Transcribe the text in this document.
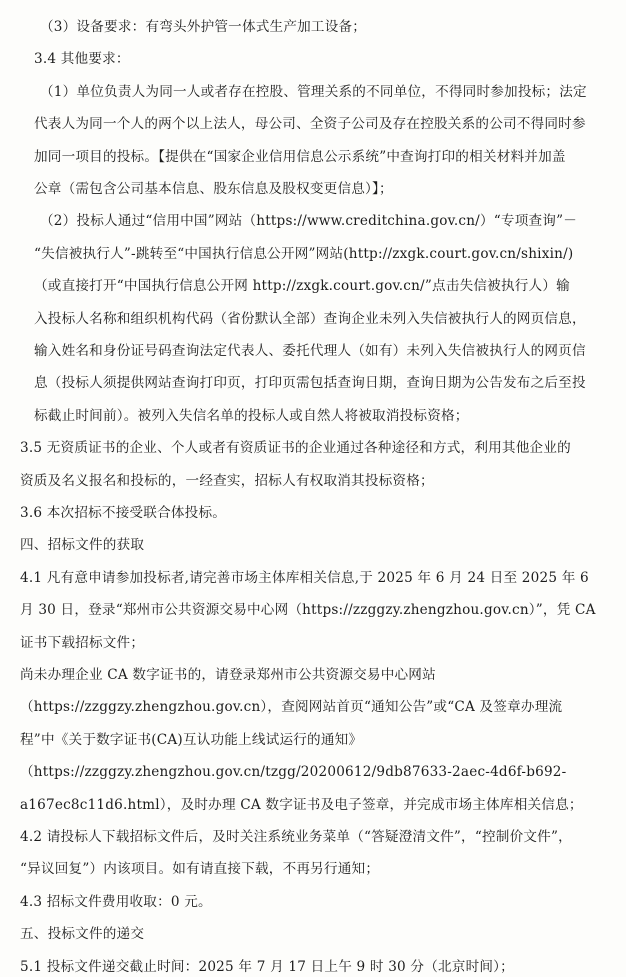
（3）设备要求：有弯头外护管一体式生产加工设备；
3.4 其他要求：
（1）单位负责人为同一人或者存在控股、管理关系的不同单位，不得同时参加投标；法定
代表人为同一个人的两个以上法人，母公司、全资子公司及存在控股关系的公司不得同时参
加同一项目的投标。【提供在“国家企业信用信息公示系统”中查询打印的相关材料并加盖
公章（需包含公司基本信息、股东信息及股权变更信息）】；
（2）投标人通过“信用中国”网站（https://www.creditchina.gov.cn/）“专项查询”－
“失信被执行人”-跳转至“中国执行信息公开网”网站(http://zxgk.court.gov.cn/shixin/)
（或直接打开“中国执行信息公开网 http://zxgk.court.gov.cn/”点击失信被执行人）输
入投标人名称和组织机构代码（省份默认全部）查询企业未列入失信被执行人的网页信息，
输入姓名和身份证号码查询法定代表人、委托代理人（如有）未列入失信被执行人的网页信
息（投标人须提供网站查询打印页，打印页需包括查询日期，查询日期为公告发布之后至投
标截止时间前）。被列入失信名单的投标人或自然人将被取消投标资格；
3.5 无资质证书的企业、个人或者有资质证书的企业通过各种途径和方式，利用其他企业的
资质及名义报名和投标的，一经查实，招标人有权取消其投标资格；
3.6 本次招标不接受联合体投标。
四、招标文件的获取
4.1 凡有意申请参加投标者,请完善市场主体库相关信息,于 2025 年 6 月 24 日至 2025 年 6
月 30 日，登录“郑州市公共资源交易中心网（https://zzggzy.zhengzhou.gov.cn）”，凭 CA
证书下载招标文件；
尚未办理企业 CA 数字证书的，请登录郑州市公共资源交易中心网站
（https://zzggzy.zhengzhou.gov.cn），查阅网站首页“通知公告”或“CA 及签章办理流
程”中《关于数字证书(CA)互认功能上线试运行的通知》
（https://zzggzy.zhengzhou.gov.cn/tzgg/20200612/9db87633-2aec-4d6f-b692-
a167ec8c11d6.html），及时办理 CA 数字证书及电子签章，并完成市场主体库相关信息；
4.2 请投标人下载招标文件后，及时关注系统业务菜单（“答疑澄清文件”，“控制价文件”，
“异议回复”）内该项目。如有请直接下载，不再另行通知；
4.3 招标文件费用收取：0 元。
五、投标文件的递交
5.1 投标文件递交截止时间：2025 年 7 月 17 日上午 9 时 30 分（北京时间）；
